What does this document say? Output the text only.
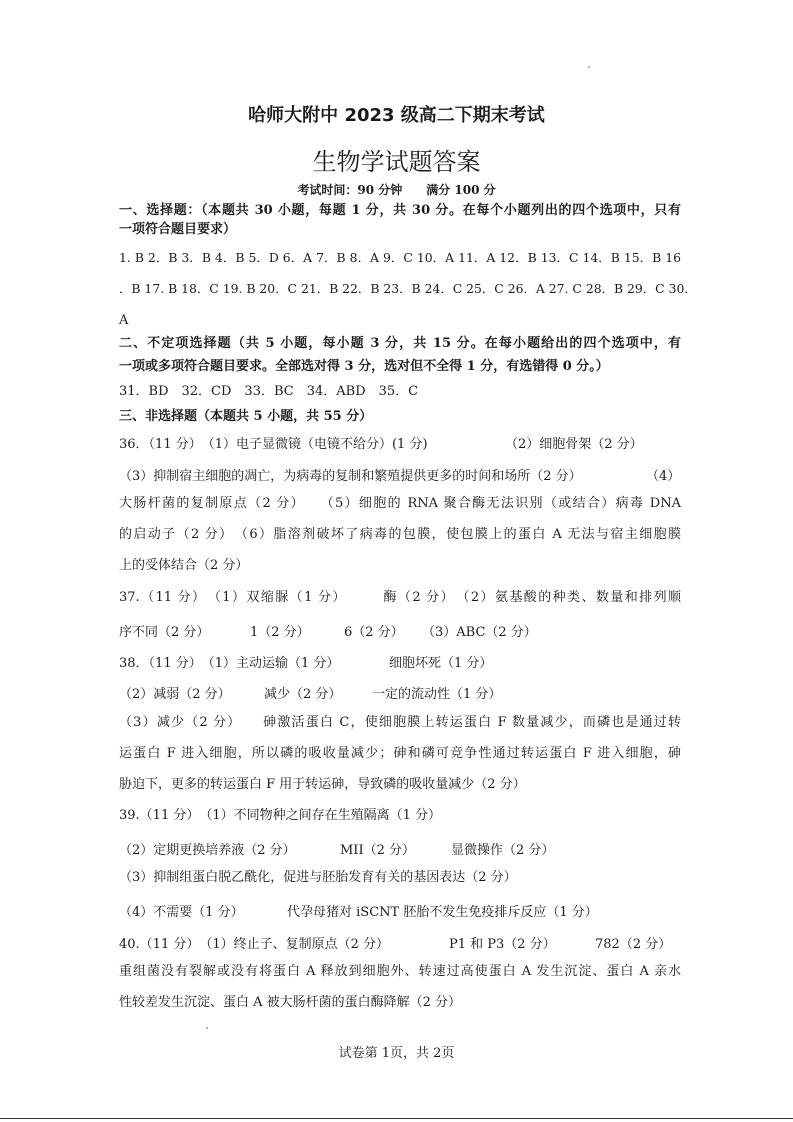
哈师大附中 2023 级高二下期末考试
生物学试题答案
考试时间：90 分钟　　满分 100 分
一、选择题：（本题共 30 小题，每题 1 分，共 30 分。在每个小题列出的四个选项中，只有
一项符合题目要求）
1. B 2．B 3．B 4．B 5．D 6．A 7．B 8．A 9．C 10．A 11．A 12．B 13．C 14．B 15．B 16
．B 17. B 18．C 19. B 20．C 21．B 22．B 23．B 24．C 25．C 26．A 27. C 28．B 29．C 30．
A
二、不定项选择题（共 5 小题，每小题 3 分，共 15 分。在每小题给出的四个选项中，有
一项或多项符合题目要求。全部选对得 3 分，选对但不全得 1 分，有选错得 0 分。）
31．BD　32．CD　33．BC　34．ABD　35．C
三、非选择题（本题共 5 小题，共 55 分）
36．（11 分）　（1）电子显微镜（电镜不给分）(1 分)	（2）细胞骨架（2 分）
（3）抑制宿主细胞的凋亡，为病毒的复制和繁殖提供更多的时间和场所（2 分）	（4）
大肠杆菌的复制原点（2 分）　　（5）细胞的 RNA 聚合酶无法识别（或结合）病毒 DNA
的启动子（2 分）　（6）脂溶剂破坏了病毒的包膜，使包膜上的蛋白 A 无法与宿主细胞膜
上的受体结合（2 分）
37.（11 分）　（1）双缩脲（1 分）　　　酶（2 分）　（2）氨基酸的种类、数量和排列顺
序不同（2 分）	1（2 分）	6（2 分） （3）ABC（2 分）
38．（11 分）　（1）主动运输（1 分）	细胞坏死（1 分）
（2）减弱（2 分）	减少（2 分） 一定的流动性（1 分）
（3）减少（2 分）　　砷激活蛋白 C，使细胞膜上转运蛋白 F 数量减少，而磷也是通过转
运蛋白 F 进入细胞，所以磷的吸收量减少；砷和磷可竞争性通过转运蛋白 F 进入细胞，砷
胁迫下，更多的转运蛋白 F 用于转运砷，导致磷的吸收量减少（2 分）
39.（11 分）　（1）不同物种之间存在生殖隔离（1 分）
（2）定期更换培养液（2 分）	MII（2 分）	显微操作（2 分）
（3）抑制组蛋白脱乙酰化，促进与胚胎发育有关的基因表达（2 分）
（4）不需要（1 分）	代孕母猪对 iSCNT 胚胎不发生免疫排斥反应（1 分）
40.（11 分）　（1）终止子、复制原点（2 分）	P1 和 P3（2 分）	782（2 分）
重组菌没有裂解或没有将蛋白 A 释放到细胞外、转速过高使蛋白 A 发生沉淀、蛋白 A 亲水
性较差发生沉淀、蛋白 A 被大肠杆菌的蛋白酶降解（2 分）
试卷第 1页，共 2页
